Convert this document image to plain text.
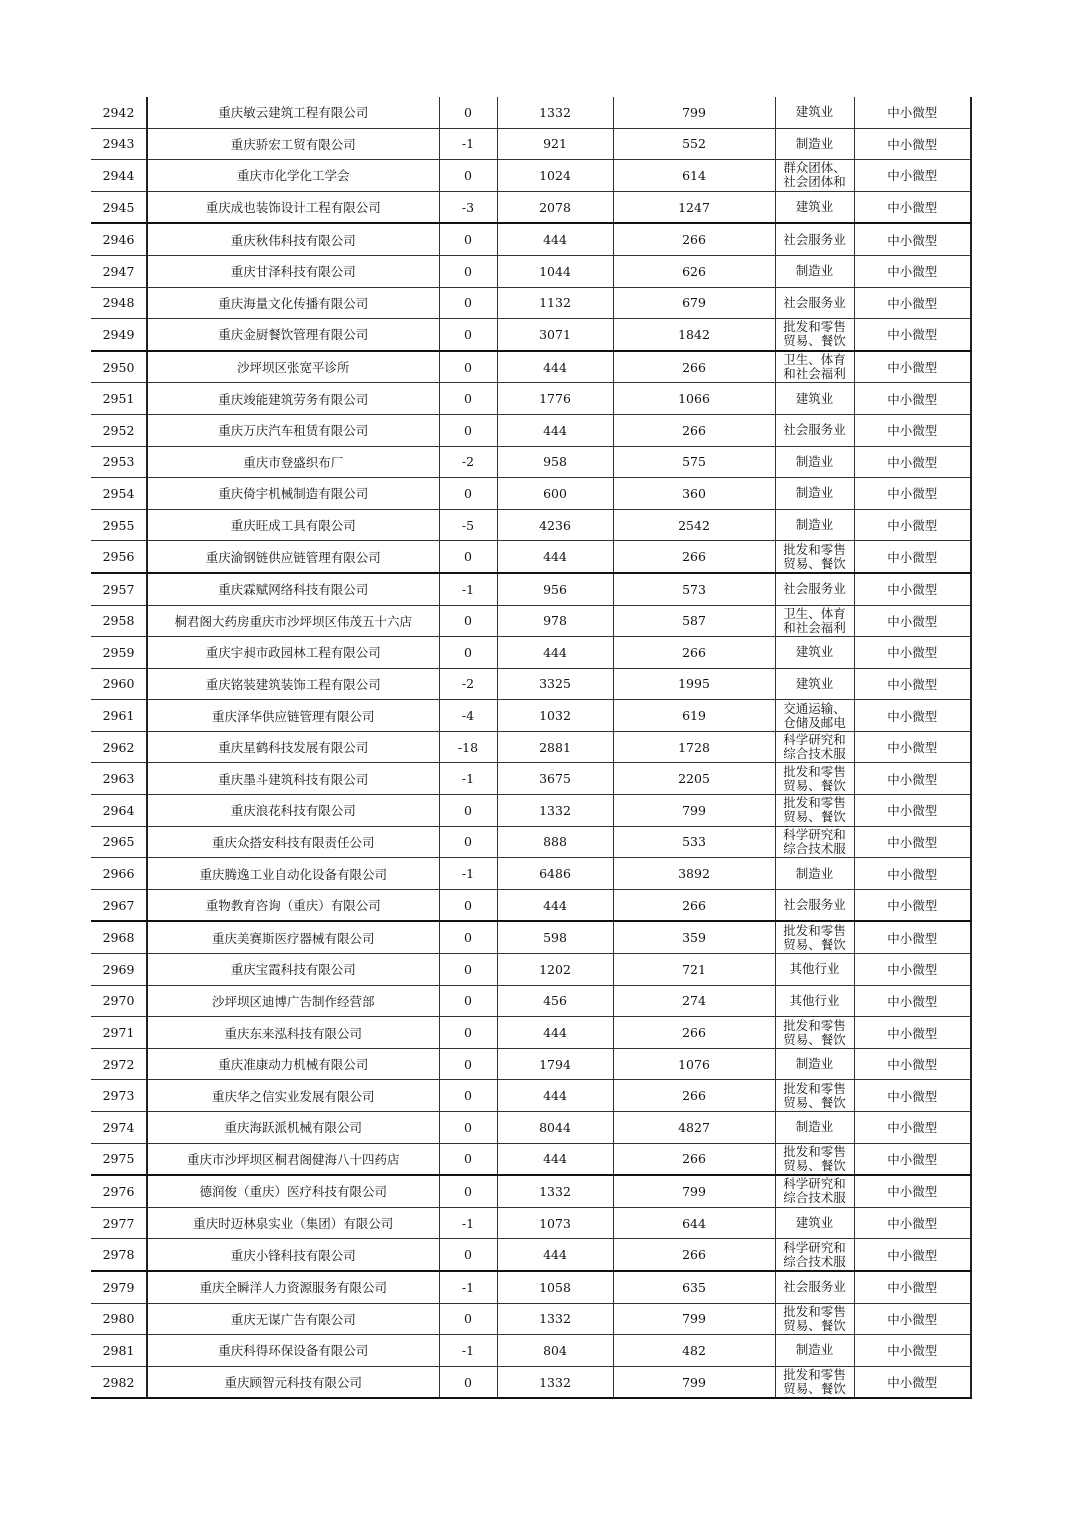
2942	重庆敏云建筑工程有限公司	0	1332	799	建筑业	中小微型
2943	重庆骄宏工贸有限公司	-1	921	552	制造业	中小微型
2944	重庆市化学化工学会	0	1024	614	群众团体、社会团体和	中小微型
2945	重庆成也装饰设计工程有限公司	-3	2078	1247	建筑业	中小微型
2946	重庆秋伟科技有限公司	0	444	266	社会服务业	中小微型
2947	重庆甘泽科技有限公司	0	1044	626	制造业	中小微型
2948	重庆海量文化传播有限公司	0	1132	679	社会服务业	中小微型
2949	重庆金厨餐饮管理有限公司	0	3071	1842	批发和零售贸易、餐饮	中小微型
2950	沙坪坝区张宽平诊所	0	444	266	卫生、体育和社会福利	中小微型
2951	重庆竣能建筑劳务有限公司	0	1776	1066	建筑业	中小微型
2952	重庆万庆汽车租赁有限公司	0	444	266	社会服务业	中小微型
2953	重庆市登盛织布厂	-2	958	575	制造业	中小微型
2954	重庆倚宇机械制造有限公司	0	600	360	制造业	中小微型
2955	重庆旺成工具有限公司	-5	4236	2542	制造业	中小微型
2956	重庆渝钢链供应链管理有限公司	0	444	266	批发和零售贸易、餐饮	中小微型
2957	重庆霖赋网络科技有限公司	-1	956	573	社会服务业	中小微型
2958	桐君阁大药房重庆市沙坪坝区伟茂五十六店	0	978	587	卫生、体育和社会福利	中小微型
2959	重庆宇昶市政园林工程有限公司	0	444	266	建筑业	中小微型
2960	重庆铭装建筑装饰工程有限公司	-2	3325	1995	建筑业	中小微型
2961	重庆泽华供应链管理有限公司	-4	1032	619	交通运输、仓储及邮电	中小微型
2962	重庆星鹤科技发展有限公司	-18	2881	1728	科学研究和综合技术服	中小微型
2963	重庆墨斗建筑科技有限公司	-1	3675	2205	批发和零售贸易、餐饮	中小微型
2964	重庆浪花科技有限公司	0	1332	799	批发和零售贸易、餐饮	中小微型
2965	重庆众搭安科技有限责任公司	0	888	533	科学研究和综合技术服	中小微型
2966	重庆腾逸工业自动化设备有限公司	-1	6486	3892	制造业	中小微型
2967	重物教育咨询（重庆）有限公司	0	444	266	社会服务业	中小微型
2968	重庆美赛斯医疗器械有限公司	0	598	359	批发和零售贸易、餐饮	中小微型
2969	重庆宝霞科技有限公司	0	1202	721	其他行业	中小微型
2970	沙坪坝区迪博广告制作经营部	0	456	274	其他行业	中小微型
2971	重庆东来泓科技有限公司	0	444	266	批发和零售贸易、餐饮	中小微型
2972	重庆准康动力机械有限公司	0	1794	1076	制造业	中小微型
2973	重庆华之信实业发展有限公司	0	444	266	批发和零售贸易、餐饮	中小微型
2974	重庆海跃派机械有限公司	0	8044	4827	制造业	中小微型
2975	重庆市沙坪坝区桐君阁健海八十四药店	0	444	266	批发和零售贸易、餐饮	中小微型
2976	德润俊（重庆）医疗科技有限公司	0	1332	799	科学研究和综合技术服	中小微型
2977	重庆时迈林泉实业（集团）有限公司	-1	1073	644	建筑业	中小微型
2978	重庆小锋科技有限公司	0	444	266	科学研究和综合技术服	中小微型
2979	重庆全瞬洋人力资源服务有限公司	-1	1058	635	社会服务业	中小微型
2980	重庆无谋广告有限公司	0	1332	799	批发和零售贸易、餐饮	中小微型
2981	重庆科得环保设备有限公司	-1	804	482	制造业	中小微型
2982	重庆顾智元科技有限公司	0	1332	799	批发和零售贸易、餐饮	中小微型
